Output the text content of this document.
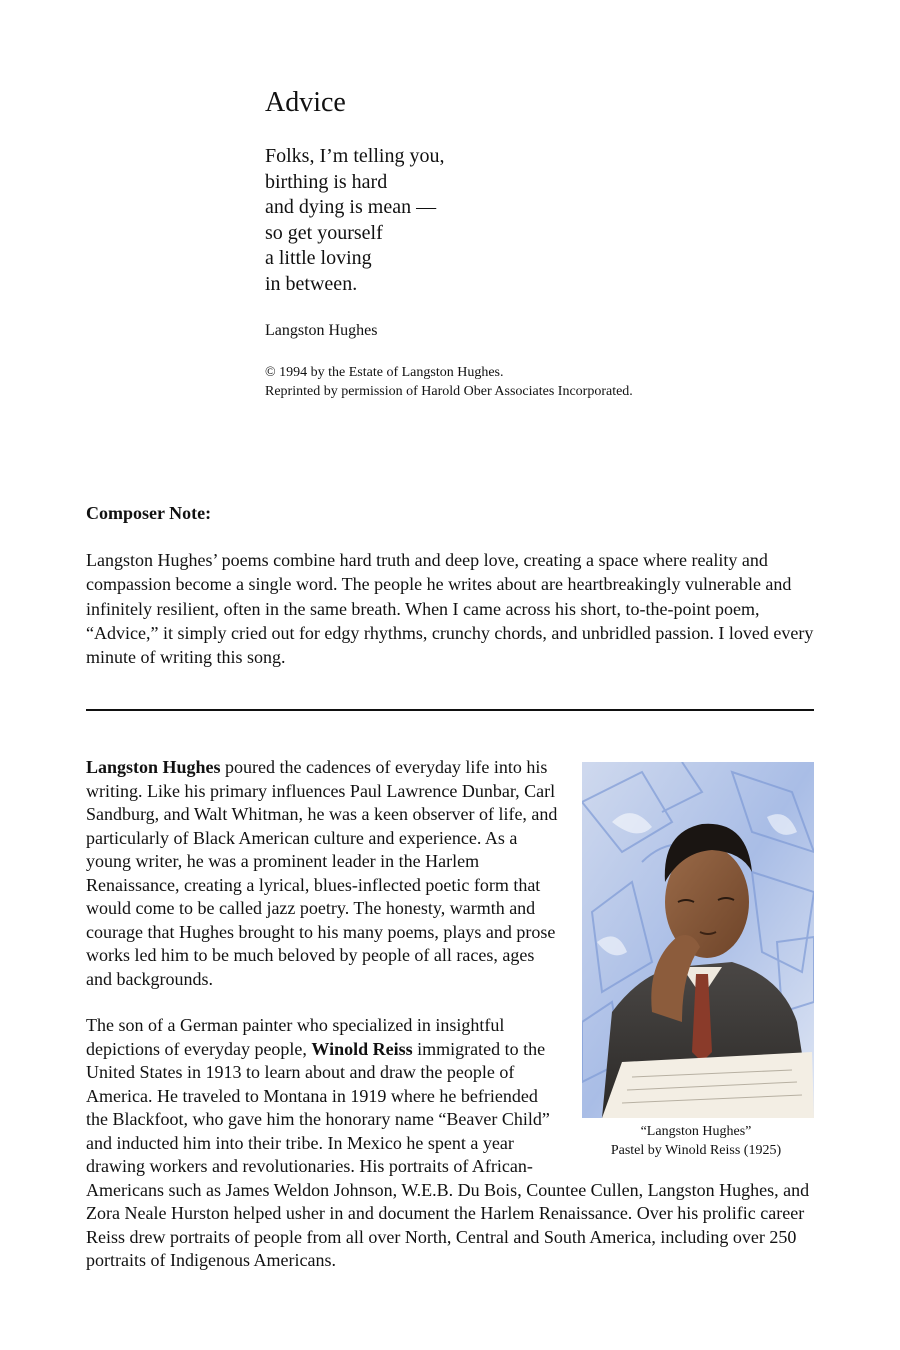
Advice
Folks, I’m telling you,
birthing is hard
and dying is mean —
so get yourself
a little loving
in between.
Langston Hughes
© 1994 by the Estate of Langston Hughes.
Reprinted by permission of Harold Ober Associates Incorporated.
Composer Note:

Langston Hughes’ poems combine hard truth and deep love, creating a space where reality and compassion become a single word. The people he writes about are heartbreakingly vulnerable and infinitely resilient, often in the same breath. When I came across his short, to-the-point poem, “Advice,” it simply cried out for edgy rhythms, crunchy chords, and unbridled passion. I loved every minute of writing this song.

“Langston Hughes”
Pastel by Winold Reiss (1925)

Langston Hughes poured the cadences of everyday life into his writing. Like his primary influences Paul Lawrence Dunbar, Carl Sandburg, and Walt Whitman, he was a keen observer of life, and particularly of Black American culture and experience. As a young writer, he was a prominent leader in the Harlem Renaissance, creating a lyrical, blues-inflected poetic form that would come to be called jazz poetry. The honesty, warmth and courage that Hughes brought to his many poems, plays and prose works led him to be much beloved by people of all races, ages and backgrounds.

The son of a German painter who specialized in insightful depictions of everyday people, Winold Reiss immigrated to the United States in 1913 to learn about and draw the people of America. He traveled to Montana in 1919 where he befriended the Blackfoot, who gave him the honorary name “Beaver Child” and inducted him into their tribe. In Mexico he spent a year drawing workers and revolutionaries. His portraits of African-Americans such as James Weldon Johnson, W.E.B. Du Bois, Countee Cullen, Langston Hughes, and Zora Neale Hurston helped usher in and document the Harlem Renaissance. Over his prolific career Reiss drew portraits of people from all over North, Central and South America, including over 250 portraits of Indigenous Americans.
